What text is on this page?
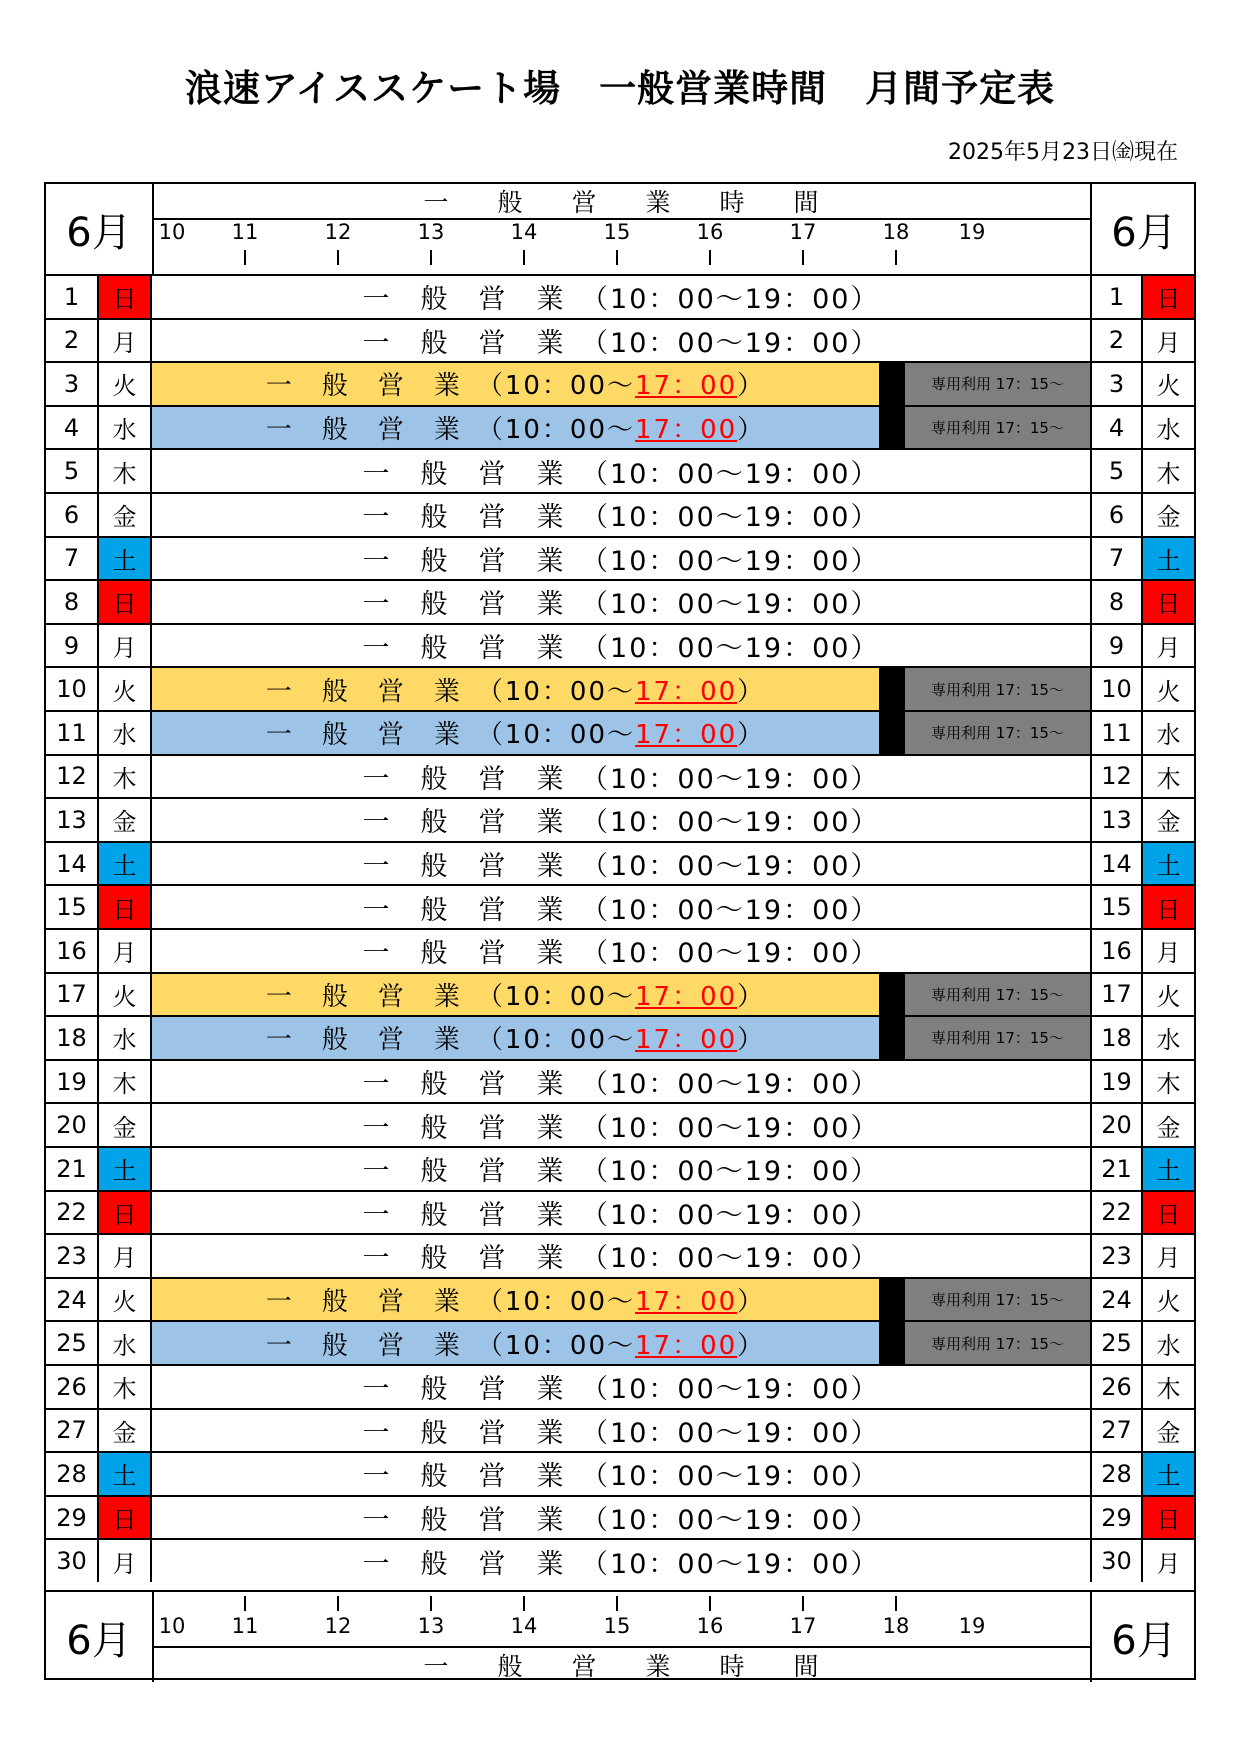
浪速アイススケート場　一般営業時間　月間予定表
2025年5月23日㈮現在
6月
一	般	営	業	時	間
10	11	12	13	14	15	16	17	18	19	6月
1	日	一　般　営　業　（10：00～19：00）	1	日
2	月	一　般　営　業　（10：00～19：00）	2	月
3	火	一　般　営　業　（10：00～ 17：00 ）	専用利用 17：15～	3	火
4	水	一　般　営　業　（10：00～ 17：00 ）	専用利用 17：15～	4	水
5	木	一　般　営　業　（10：00～19：00）	5	木
6	金	一　般　営　業　（10：00～19：00）	6	金
7	土	一　般　営　業　（10：00～19：00）	7	土
8	日	一　般　営　業　（10：00～19：00）	8	日
9	月	一　般　営　業　（10：00～19：00）	9	月
10	火	一　般　営　業　（10：00～ 17：00 ）	専用利用 17：15～	10	火
11	水	一　般　営　業　（10：00～ 17：00 ）	専用利用 17：15～	11	水
12	木	一　般　営　業　（10：00～19：00）	12	木
13	金	一　般　営　業　（10：00～19：00）	13	金
14	土	一　般　営　業　（10：00～19：00）	14	土
15	日	一　般　営　業　（10：00～19：00）	15	日
16	月	一　般　営　業　（10：00～19：00）	16	月
17	火	一　般　営　業　（10：00～ 17：00 ）	専用利用 17：15～	17	火
18	水	一　般　営　業　（10：00～ 17：00 ）	専用利用 17：15～	18	水
19	木	一　般　営　業　（10：00～19：00）	19	木
20	金	一　般　営　業　（10：00～19：00）	20	金
21	土	一　般　営　業　（10：00～19：00）	21	土
22	日	一　般　営　業　（10：00～19：00）	22	日
23	月	一　般　営　業　（10：00～19：00）	23	月
24	火	一　般　営　業　（10：00～ 17：00 ）	専用利用 17：15～	24	火
25	水	一　般　営　業　（10：00～ 17：00 ）	専用利用 17：15～	25	水
26	木	一　般　営　業　（10：00～19：00）	26	木
27	金	一　般　営　業　（10：00～19：00）	27	金
28	土	一　般　営　業　（10：00～19：00）	28	土
29	日	一　般　営　業　（10：00～19：00）	29	日
30	月	一　般　営　業　（10：00～19：00）	30	月
6月	10	11	12	13	14	15	16	17	18	19
一	般	営	業	時	間
6月
